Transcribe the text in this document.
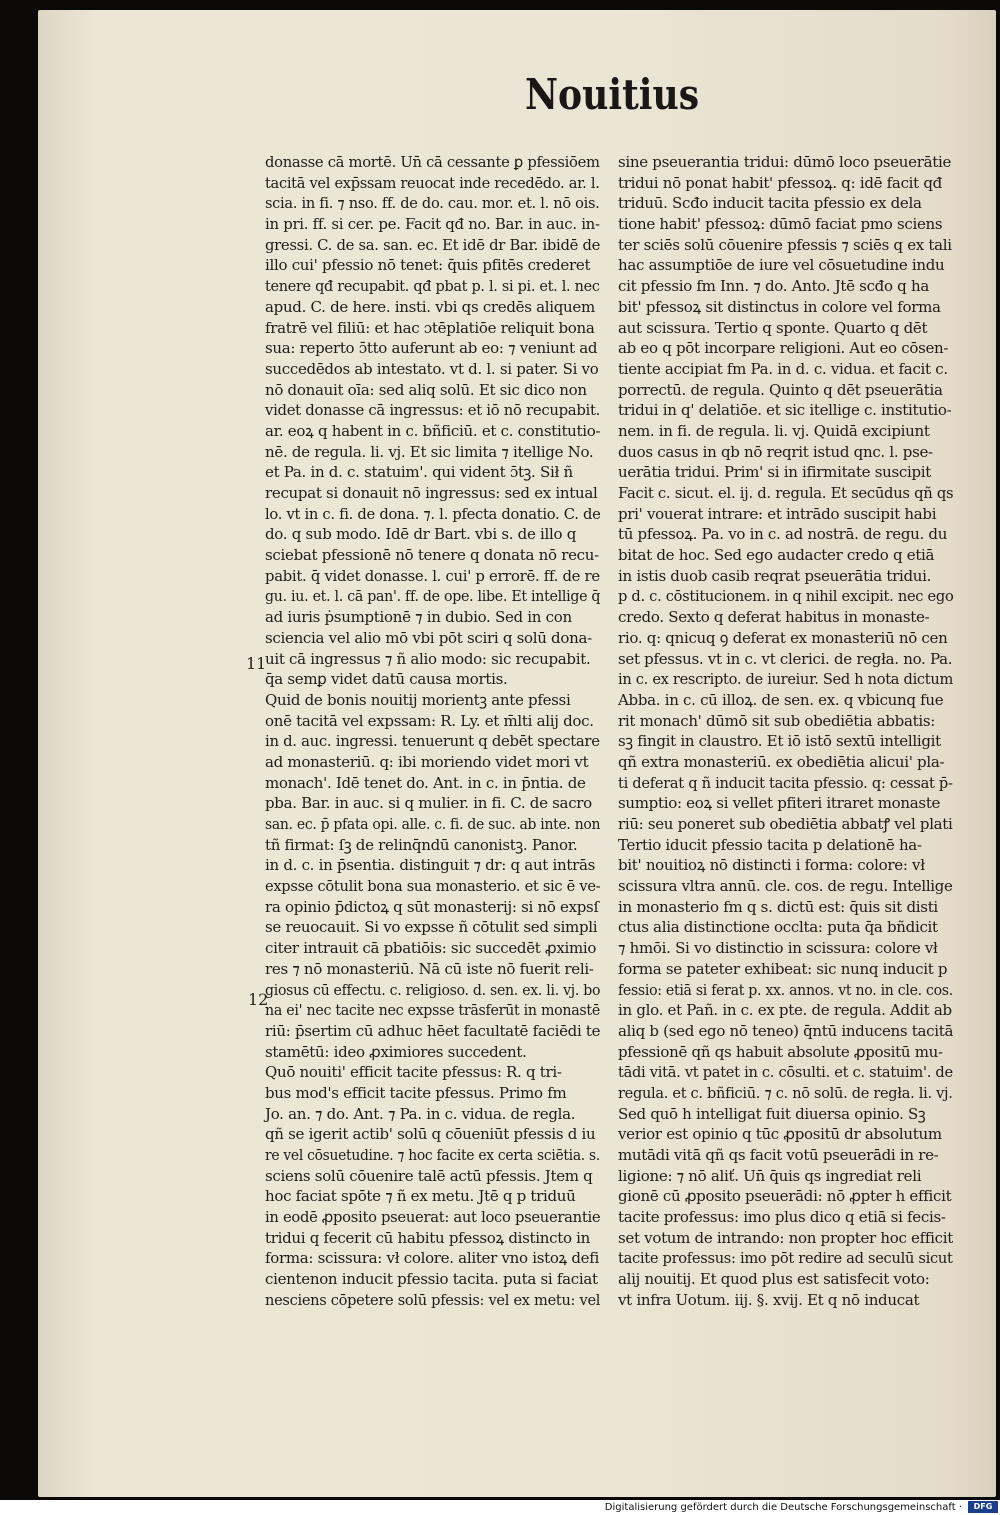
Nouitius
11
12
donasse cā mortē. Un̄ cā cessante ꝑ pfessiōem
tacitā vel exp̄ssam reuocat inde recedēdo. ar. l.
scia. in fi. ⁊ nso. ff. de do. cau. mor. et. l. nō ois.
in pri. ff. si cer. pe. Facit qđ no. Bar. in auc. in-
gressi. C. de sa. san. ec. Et idē dr Bar. ibidē de
illo cui' pfessio nō tenet: q̄uis pfitēs crederet
tenere qđ recupabit. qđ pbat p. l. si pi. et. l. nec
apud. C. de here. insti. vbi qs credēs aliquem
fratrē vel filiū: et hac ɔtēplatiōe reliquit bona
sua: reperto ɔ̄tto auferunt ab eo: ⁊ veniunt ad
succedēdos ab intestato. vt d. l. si pater. Si vo
nō donauit oīa: sed aliq solū. Et sic dico non
videt donasse cā ingressus: et iō nō recupabit.
ar. eoꝝ q habent in c. bñficiū. et c. constitutio-
nē. de regula. li. vj. Et sic limita ⁊ itellige No.
et Pa. in d. c. statuim'. qui vident ɔ̄tꝫ. Sił ñ
recupat si donauit nō ingressus: sed ex intual
lo. vt in c. fi. de dona. ⁊. l. pfecta donatio. C. de
do. q sub modo. Idē dr Bart. vbi s. de illo q
sciebat pfessionē nō tenere q donata nō recu-
pabit. q̄ videt donasse. l. cui' p errorē. ff. de re
gu. iu. et. l. cā pan'. ff. de ope. libe. Et intellige q̄
ad iuris ṗsumptionē ⁊ in dubio. Sed in con
sciencia vel alio mō vbi pōt sciri q solū dona-
uit cā ingressus ⁊ ñ alio modo: sic recupabit.
q̄a semꝑ videt datū causa mortis.
Quid de bonis nouitij morientꝫ ante pfessi
onē tacitā vel expssam: R. Ly. et m̄lti alij doc.
in d. auc. ingressi. tenuerunt q debēt spectare
ad monasteriū. q: ibi moriendo videt mori vt
monach'. Idē tenet do. Ant. in c. in p̄ntia. de
pba. Bar. in auc. si q mulier. in fi. C. de sacro
san. ec. p̄ pfata opi. alle. c. fi. de suc. ab inte. non
tñ firmat: ſꝫ de relinq̄ndū canonistꝫ. Panor.
in d. c. in p̄sentia. distinguit ⁊ dr: q aut intrās
expsse cōtulit bona sua monasterio. et sic ē ve-
ra opinio p̄dictoꝝ q sūt monasterij: si nō expsſ
se reuocauit. Si vo expsse ñ cōtulit sed simpli
citer intrauit cā pbatiōis: sic succedēt ꝓximio
res ⁊ nō monasteriū. Nā cū iste nō fuerit reli-
giosus cū effectu. c. religioso. d. sen. ex. li. vj. bo
na ei' nec tacite nec expsse trāsferūt in monastē
riū: p̄sertim cū adhuc hēet facultatē faciēdi te
stamētū: ideo ꝓximiores succedent.
Quō nouiti' efficit tacite pfessus: R. q tri-
bus mod's efficit tacite pfessus. Primo fm
Jo. an. ⁊ do. Ant. ⁊ Pa. in c. vidua. de regla.
qñ se igerit actib' solū q cōueniūt pfessis d iu
re vel cōsuetudine. ⁊ hoc facite ex certa sciētia. s.
sciens solū cōuenire talē actū pfessis. Jtem q
hoc faciat spōte ⁊ ñ ex metu. Jtē q p triduū
in eodē ꝓposito pseuerat: aut loco pseuerantie
tridui q fecerit cū habitu pfessoꝝ distincto in
forma: scissura: vł colore. aliter vno istoꝝ defi
cientenon inducit pfessio tacita. puta si faciat
nesciens cōpetere solū pfessis: vel ex metu: vel
sine pseuerantia tridui: dūmō loco pseuerātie
tridui nō ponat habit' pfessoꝝ. q: idē facit qđ
triduū. Scđo inducit tacita pfessio ex dela
tione habit' pfessoꝝ: dūmō faciat pmo sciens
ter sciēs solū cōuenire pfessis ⁊ sciēs q ex tali
hac assumptiōe de iure vel cōsuetudine indu
cit pfessio fm Inn. ⁊ do. Anto. Jtē scđo q ha
bit' pfessoꝝ sit distinctus in colore vel forma
aut scissura. Tertio q sponte. Quarto q dēt
ab eo q pōt incorpare religioni. Aut eo cōsen-
tiente accipiat fm Pa. in d. c. vidua. et facit c.
porrectū. de regula. Quinto q dēt pseuerātia
tridui in q' delatiōe. et sic itellige c. institutio-
nem. in fi. de regula. li. vj. Quidā excipiunt
duos casus in qb nō reqrit istud qnc. l. pse-
uerātia tridui. Prim' si in ifirmitate suscipit
Facit c. sicut. el. ij. d. regula. Et secūdus qñ qs
pri' vouerat intrare: et intrādo suscipit habi
tū pfessoꝝ. Pa. vo in c. ad nostrā. de regu. du
bitat de hoc. Sed ego audacter credo q etiā
in istis duob casib reqrat pseuerātia tridui.
p d. c. cōstitucionem. in q nihil excipit. nec ego
credo. Sexto q deferat habitus in monaste-
rio. q: qnicuq ꝯ deferat ex monasteriū nō cen
set pfessus. vt in c. vt clerici. de regła. no. Pa.
in c. ex rescripto. de iureiur. Sed h nota dictum
Abba. in c. cū illoꝝ. de sen. ex. q vbicunq fue
rit monach' dūmō sit sub obediētia abbatis:
sꝫ fingit in claustro. Et iō istō sextū intelligit
qñ extra monasteriū. ex obediētia alicui' pla-
ti deferat q ñ inducit tacita pfessio. q: cessat p̄-
sumptio: eoꝝ si vellet pfiteri itraret monaste
riū: seu poneret sub obediētia abbatꝭ vel plati
Tertio iducit pfessio tacita p delationē ha-
bit' nouitioꝝ nō distincti i forma: colore: vł
scissura vltra annū. cle. cos. de regu. Intellige
in monasterio fm q s. dictū est: q̄uis sit disti
ctus alia distinctione occlta: puta q̄a bñdicit
⁊ hmōi. Si vo distinctio in scissura: colore vł
forma se pateter exhibeat: sic nunq inducit p
fessio: etiā si ferat p. xx. annos. vt no. in cle. cos.
in glo. et Pañ. in c. ex pte. de regula. Addit ab
aliq b (sed ego nō teneo) q̄ntū inducens tacitā
pfessionē qñ qs habuit absolute ꝓpositū mu-
tādi vitā. vt patet in c. cōsulti. et c. statuim'. de
regula. et c. bñficiū. ⁊ c. nō solū. de regła. li. vj.
Sed quō h intelligat fuit diuersa opinio. Sꝫ
verior est opinio q tūc ꝓpositū dr absolutum
mutādi vitā qñ qs facit votū pseuerādi in re-
ligione: ⁊ nō aliť. Un̄ q̄uis qs ingrediat reli
gionē cū ꝓposito pseuerādi: nō ꝓpter h efficit
tacite professus: imo plus dico q etiā si fecis-
set votum de intrando: non propter hoc efficit
tacite professus: imo pōt redire ad seculū sicut
alij nouitij. Et quod plus est satisfecit voto:
vt infra Uotum. iij. §. xvij. Et q nō inducat
Digitalisierung gefördert durch die Deutsche Forschungsgemeinschaft ·	DFG
